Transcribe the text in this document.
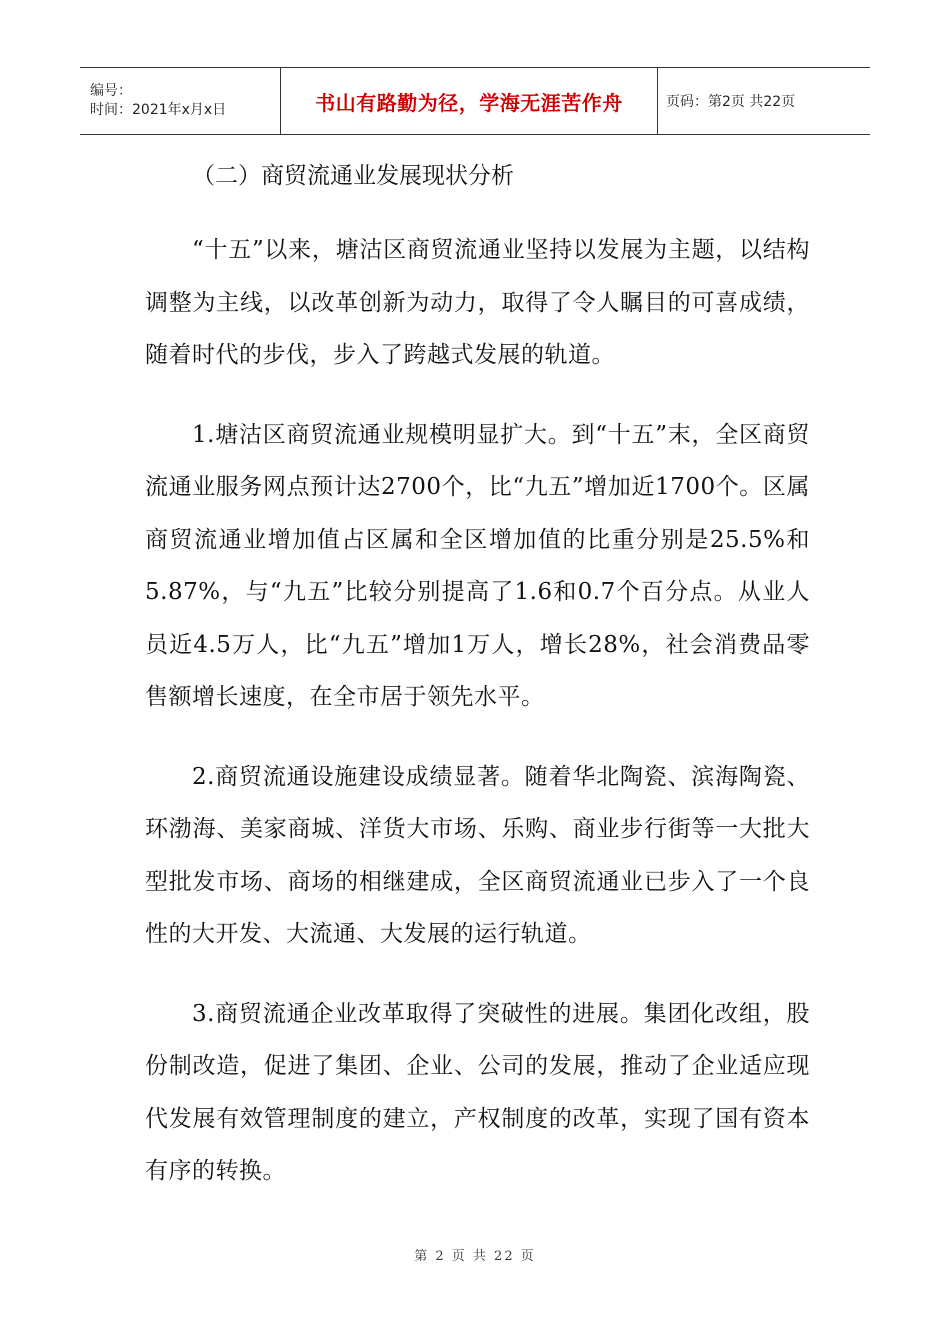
编号：
时间：2021年x月x日	书山有路勤为径，学海无涯苦作舟	页码：第2页 共22页
（二）商贸流通业发展现状分析

“十五”以来，塘沽区商贸流通业坚持以发展为主题，以结构调整为主线，以改革创新为动力，取得了令人瞩目的可喜成绩，随着时代的步伐，步入了跨越式发展的轨道。

1.塘沽区商贸流通业规模明显扩大。到“十五”末，全区商贸流通业服务网点预计达2700个，比“九五”增加近1700个。区属商贸流通业增加值占区属和全区增加值的比重分别是25.5%和5.87%，与“九五”比较分别提高了1.6和0.7个百分点。从业人员近4.5万人，比“九五”增加1万人，增长28%，社会消费品零售额增长速度，在全市居于领先水平。

2.商贸流通设施建设成绩显著。随着华北陶瓷、滨海陶瓷、环渤海、美家商城、洋货大市场、乐购、商业步行街等一大批大型批发市场、商场的相继建成，全区商贸流通业已步入了一个良性的大开发、大流通、大发展的运行轨道。

3.商贸流通企业改革取得了突破性的进展。集团化改组，股份制改造，促进了集团、企业、公司的发展，推动了企业适应现代发展有效管理制度的建立，产权制度的改革，实现了国有资本有序的转换。

第 2 页 共 22 页
